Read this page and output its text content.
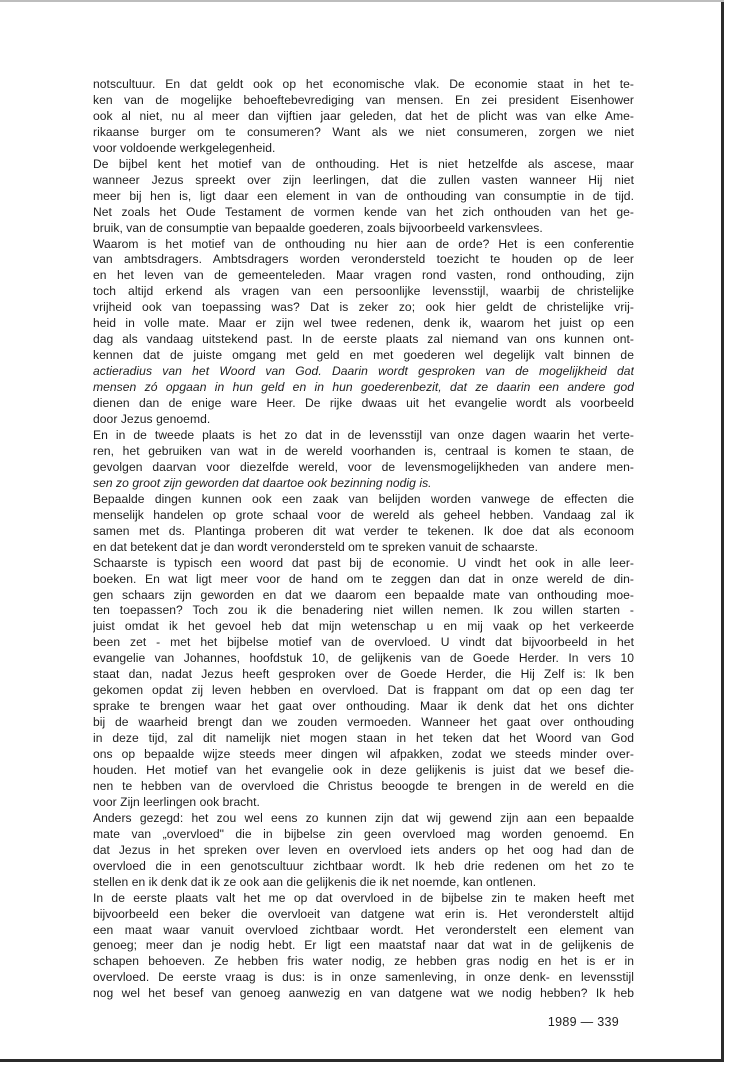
notscultuur. En dat geldt ook op het economische vlak. De economie staat in het te-
ken van de mogelijke behoeftebevrediging van mensen. En zei president Eisenhower
ook al niet, nu al meer dan vijftien jaar geleden, dat het de plicht was van elke Ame-
rikaanse burger om te consumeren? Want als we niet consumeren, zorgen we niet
voor voldoende werkgelegenheid.
De bijbel kent het motief van de onthouding. Het is niet hetzelfde als ascese, maar
wanneer Jezus spreekt over zijn leerlingen, dat die zullen vasten wanneer Hij niet
meer bij hen is, ligt daar een element in van de onthouding van consumptie in de tijd.
Net zoals het Oude Testament de vormen kende van het zich onthouden van het ge-
bruik, van de consumptie van bepaalde goederen, zoals bijvoorbeeld varkensvlees.
Waarom is het motief van de onthouding nu hier aan de orde? Het is een conferentie
van ambtsdragers. Ambtsdragers worden verondersteld toezicht te houden op de leer
en het leven van de gemeenteleden. Maar vragen rond vasten, rond onthouding, zijn
toch altijd erkend als vragen van een persoonlijke levensstijl, waarbij de christelijke
vrijheid ook van toepassing was? Dat is zeker zo; ook hier geldt de christelijke vrij-
heid in volle mate. Maar er zijn wel twee redenen, denk ik, waarom het juist op een
dag als vandaag uitstekend past. In de eerste plaats zal niemand van ons kunnen ont-
kennen dat de juiste omgang met geld en met goederen wel degelijk valt binnen de
actieradius van het Woord van God. Daarin wordt gesproken van de mogelijkheid dat
mensen zó opgaan in hun geld en in hun goederenbezit, dat ze daarin een andere god
dienen dan de enige ware Heer. De rijke dwaas uit het evangelie wordt als voorbeeld
door Jezus genoemd.
En in de tweede plaats is het zo dat in de levensstijl van onze dagen waarin het verte-
ren, het gebruiken van wat in de wereld voorhanden is, centraal is komen te staan, de
gevolgen daarvan voor diezelfde wereld, voor de levensmogelijkheden van andere men-
sen zo groot zijn geworden dat daartoe ook bezinning nodig is.
Bepaalde dingen kunnen ook een zaak van belijden worden vanwege de effecten die
menselijk handelen op grote schaal voor de wereld als geheel hebben. Vandaag zal ik
samen met ds. Plantinga proberen dit wat verder te tekenen. Ik doe dat als econoom
en dat betekent dat je dan wordt verondersteld om te spreken vanuit de schaarste.
Schaarste is typisch een woord dat past bij de economie. U vindt het ook in alle leer-
boeken. En wat ligt meer voor de hand om te zeggen dan dat in onze wereld de din-
gen schaars zijn geworden en dat we daarom een bepaalde mate van onthouding moe-
ten toepassen? Toch zou ik die benadering niet willen nemen. Ik zou willen starten -
juist omdat ik het gevoel heb dat mijn wetenschap u en mij vaak op het verkeerde
been zet - met het bijbelse motief van de overvloed. U vindt dat bijvoorbeeld in het
evangelie van Johannes, hoofdstuk 10, de gelijkenis van de Goede Herder. In vers 10
staat dan, nadat Jezus heeft gesproken over de Goede Herder, die Hij Zelf is: Ik ben
gekomen opdat zij leven hebben en overvloed. Dat is frappant om dat op een dag ter
sprake te brengen waar het gaat over onthouding. Maar ik denk dat het ons dichter
bij de waarheid brengt dan we zouden vermoeden. Wanneer het gaat over onthouding
in deze tijd, zal dit namelijk niet mogen staan in het teken dat het Woord van God
ons op bepaalde wijze steeds meer dingen wil afpakken, zodat we steeds minder over-
houden. Het motief van het evangelie ook in deze gelijkenis is juist dat we besef die-
nen te hebben van de overvloed die Christus beoogde te brengen in de wereld en die
voor Zijn leerlingen ook bracht.
Anders gezegd: het zou wel eens zo kunnen zijn dat wij gewend zijn aan een bepaalde
mate van „overvloed" die in bijbelse zin geen overvloed mag worden genoemd. En
dat Jezus in het spreken over leven en overvloed iets anders op het oog had dan de
overvloed die in een genotscultuur zichtbaar wordt. Ik heb drie redenen om het zo te
stellen en ik denk dat ik ze ook aan die gelijkenis die ik net noemde, kan ontlenen.
In de eerste plaats valt het me op dat overvloed in de bijbelse zin te maken heeft met
bijvoorbeeld een beker die overvloeit van datgene wat erin is. Het veronderstelt altijd
een maat waar vanuit overvloed zichtbaar wordt. Het veronderstelt een element van
genoeg; meer dan je nodig hebt. Er ligt een maatstaf naar dat wat in de gelijkenis de
schapen behoeven. Ze hebben fris water nodig, ze hebben gras nodig en het is er in
overvloed. De eerste vraag is dus: is in onze samenleving, in onze denk- en levensstijl
nog wel het besef van genoeg aanwezig en van datgene wat we nodig hebben? Ik heb
1989 — 339
